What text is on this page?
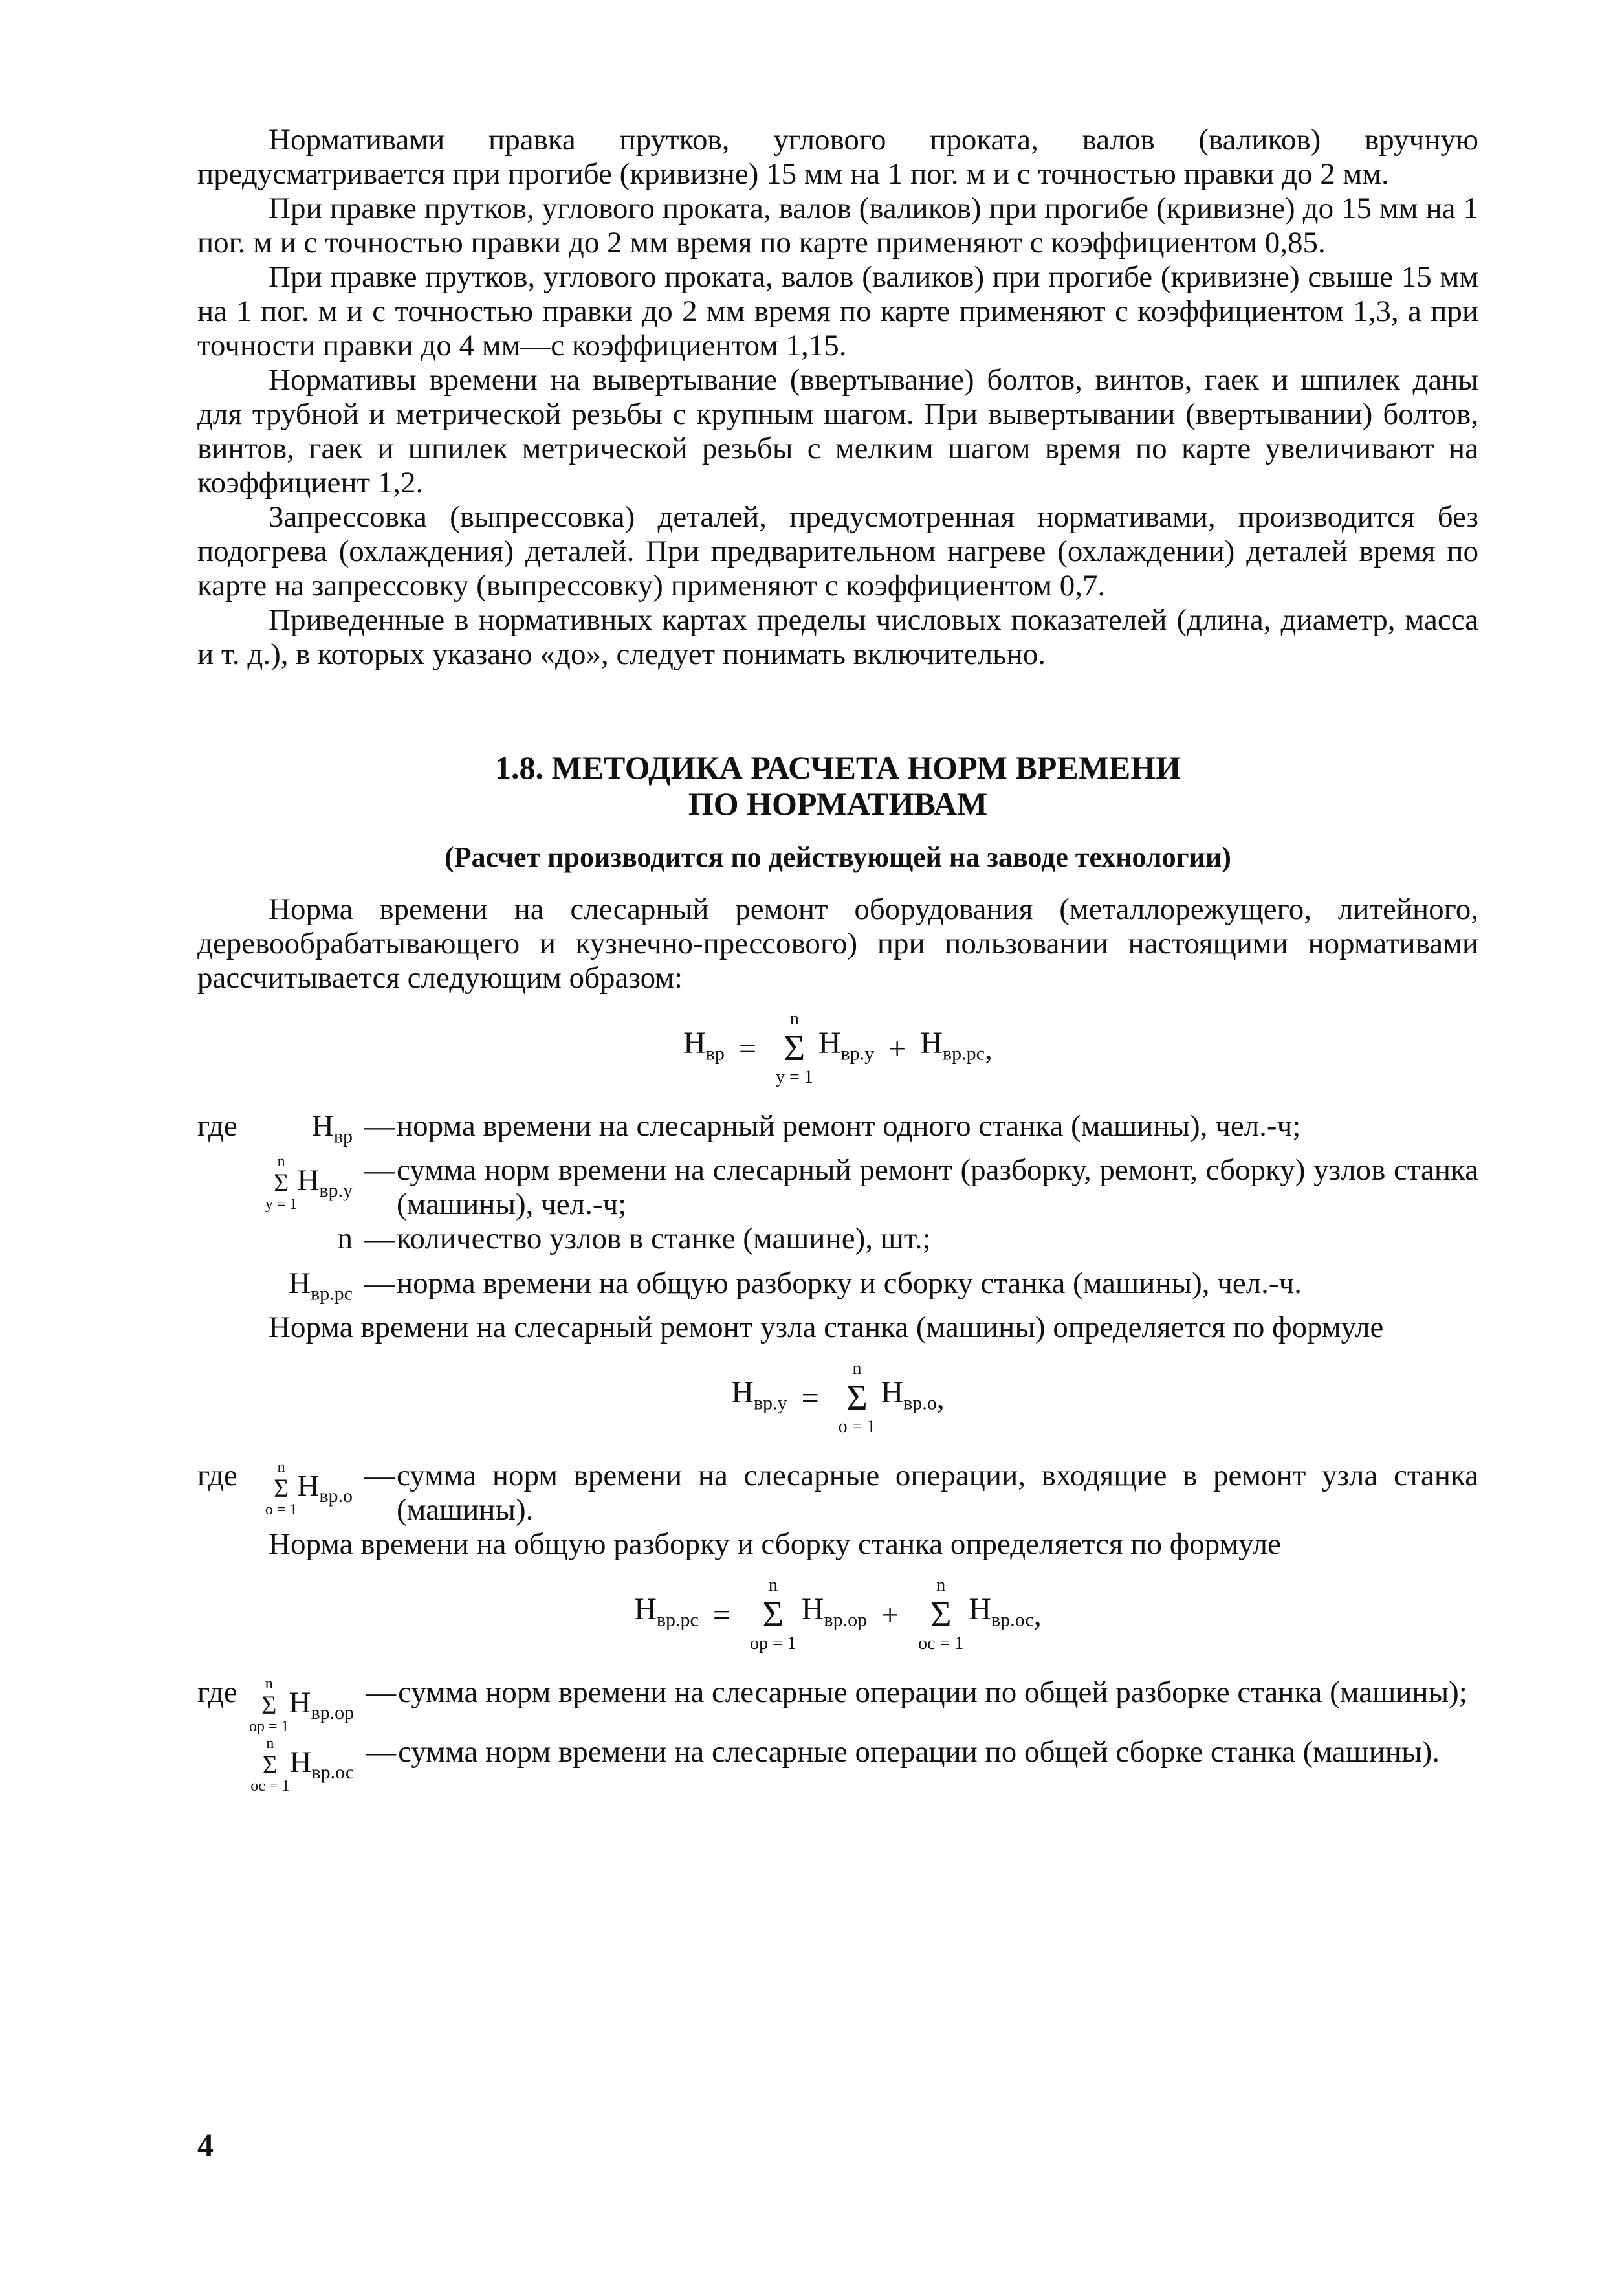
Нормативами правка прутков, углового проката, валов (валиков) вручную предусматривается при прогибе (кривизне) 15 мм на 1 пог. м и с точностью правки до 2 мм.

При правке прутков, углового проката, валов (валиков) при прогибе (кривизне) до 15 мм на 1 пог. м и с точностью правки до 2 мм время по карте применяют с коэффициентом 0,85.

При правке прутков, углового проката, валов (валиков) при прогибе (кривизне) свыше 15 мм на 1 пог. м и с точностью правки до 2 мм время по карте применяют с коэффициентом 1,3, а при точности правки до 4 мм—с коэффициентом 1,15.

Нормативы времени на вывертывание (ввертывание) болтов, винтов, гаек и шпилек даны для трубной и метрической резьбы с крупным шагом. При вывертывании (ввертывании) болтов, винтов, гаек и шпилек метрической резьбы с мелким шагом время по карте увеличивают на коэффициент 1,2.

Запрессовка (выпрессовка) деталей, предусмотренная нормативами, производится без подогрева (охлаждения) деталей. При предварительном нагреве (охлаждении) деталей время по карте на запрессовку (выпрессовку) применяют с коэффициентом 0,7.

Приведенные в нормативных картах пределы числовых показателей (длина, диаметр, масса и т. д.), в которых указано «до», следует понимать включительно.

1.8. МЕТОДИКА РАСЧЕТА НОРМ ВРЕМЕНИ
ПО НОРМАТИВАМ
(Расчет производится по действующей на заводе технологии)

Норма времени на слесарный ремонт оборудования (металлорежущего, литейного, деревообрабатывающего и кузнечно-прессового) при пользовании настоящими нормативами рассчитывается следующим образом:

$Н_{вр}$ =
n
Σ
y = 1
$Н_{вр.у} + Н_{вр.рс}$ ,
где	$Н_{вр}$	—	норма времени на слесарный ремонт одного станка (машины), чел.-ч;

	n
Σ
y = 1
$Н_{вр.у}$	—	сумма норм времени на слесарный ремонт (разборку, ремонт, сборку) узлов станка (машины), чел.-ч;
	n	—	количество узлов в станке (машине), шт.;
	$Н_{вр.рс}$	—	норма времени на общую разборку и сборку станка (машины), чел.-ч.

Норма времени на слесарный ремонт узла станка (машины) определяется по формуле

$Н_{вр.у}$ =
n
Σ
o = 1
$Н_{вр.о}$ ,
где	n
Σ
o = 1
$Н_{вр.о}$	—	сумма норм времени на слесарные операции, входящие в ремонт узла станка (машины).

Норма времени на общую разборку и сборку станка определяется по формуле

$Н_{вр.рс}$ =
n
Σ
op = 1
$Н_{вр.ор}$ +
n
Σ
oc = 1
$Н_{вр.ос}$ ,
где	n
Σ
op = 1
$Н_{вр.ор}$	—	сумма норм времени на слесарные операции по общей разборке станка (машины);

	n
Σ
oc = 1
$Н_{вр.ос}$	—	сумма норм времени на слесарные операции по общей сборке станка (машины).
4
